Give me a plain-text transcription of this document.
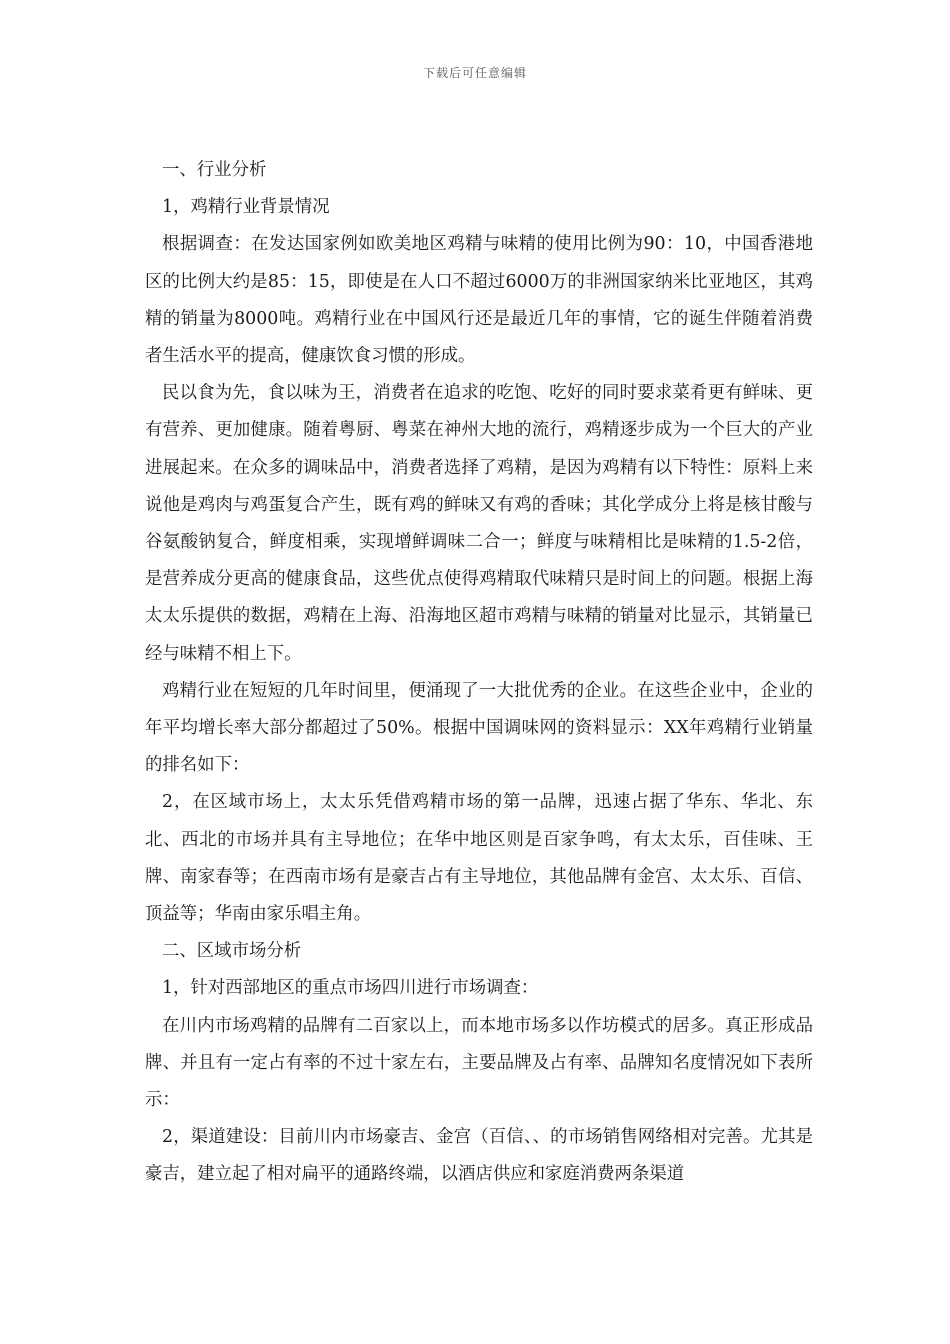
下载后可任意编辑

一、行业分析

1，鸡精行业背景情况

根据调查：在发达国家例如欧美地区鸡精与味精的使用比例为90：10，中国香港地区的比例大约是85：15，即使是在人口不超过6000万的非洲国家纳米比亚地区，其鸡精的销量为8000吨。鸡精行业在中国风行还是最近几年的事情，它的诞生伴随着消费者生活水平的提高，健康饮食习惯的形成。

民以食为先，食以味为王，消费者在追求的吃饱、吃好的同时要求菜肴更有鲜味、更有营养、更加健康。随着粤厨、粤菜在神州大地的流行，鸡精逐步成为一个巨大的产业进展起来。在众多的调味品中，消费者选择了鸡精，是因为鸡精有以下特性：原料上来说他是鸡肉与鸡蛋复合产生，既有鸡的鲜味又有鸡的香味；其化学成分上将是核甘酸与谷氨酸钠复合，鲜度相乘，实现增鲜调味二合一；鲜度与味精相比是味精的1.5-2倍，是营养成分更高的健康食品，这些优点使得鸡精取代味精只是时间上的问题。根据上海太太乐提供的数据，鸡精在上海、沿海地区超市鸡精与味精的销量对比显示，其销量已经与味精不相上下。

鸡精行业在短短的几年时间里，便涌现了一大批优秀的企业。在这些企业中，企业的年平均增长率大部分都超过了50%。根据中国调味网的资料显示：XX年鸡精行业销量的排名如下：

2，在区域市场上，太太乐凭借鸡精市场的第一品牌，迅速占据了华东、华北、东北、西北的市场并具有主导地位；在华中地区则是百家争鸣，有太太乐，百佳味、王牌、南家春等；在西南市场有是豪吉占有主导地位，其他品牌有金宫、太太乐、百信、顶益等；华南由家乐唱主角。

二、区域市场分析

1，针对西部地区的重点市场四川进行市场调查：

在川内市场鸡精的品牌有二百家以上，而本地市场多以作坊模式的居多。真正形成品牌、并且有一定占有率的不过十家左右，主要品牌及占有率、品牌知名度情况如下表所示：

2，渠道建设：目前川内市场豪吉、金宫（百信、、的市场销售网络相对完善。尤其是豪吉，建立起了相对扁平的通路终端，以酒店供应和家庭消费两条渠道
